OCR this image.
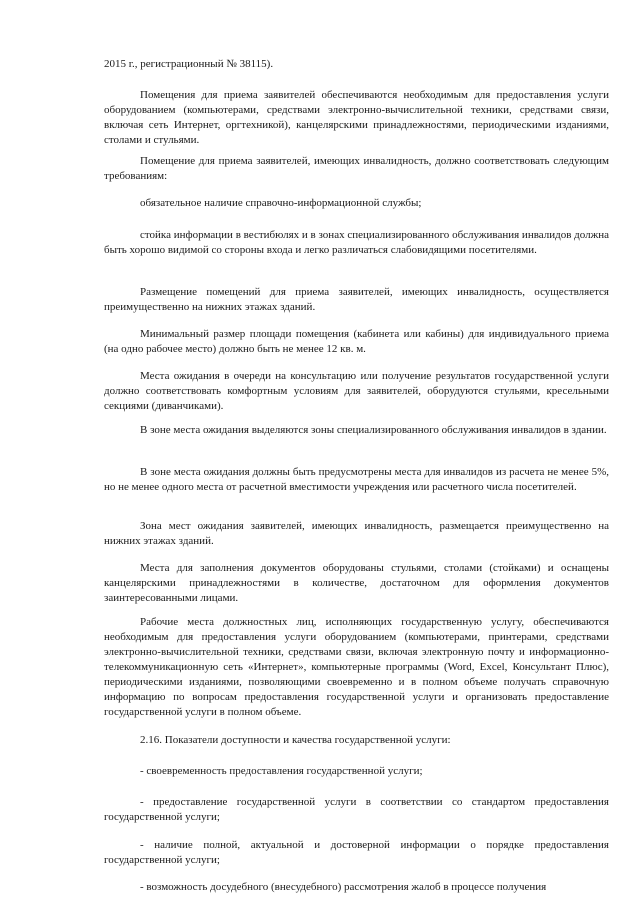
2015 г., регистрационный № 38115).

Помещения для приема заявителей обеспечиваются необходимым для предоставления услуги оборудованием (компьютерами, средствами электронно-вычислительной техники, средствами связи, включая сеть Интернет, оргтехникой), канцелярскими принадлежностями, периодическими изданиями, столами и стульями.

Помещение для приема заявителей, имеющих инвалидность, должно соответствовать следующим требованиям:

обязательное наличие справочно-информационной службы;

стойка информации в вестибюлях и в зонах специализированного обслуживания инвалидов должна быть хорошо видимой со стороны входа и легко различаться слабовидящими посетителями.

Размещение помещений для приема заявителей, имеющих инвалидность, осуществляется преимущественно на нижних этажах зданий.

Минимальный размер площади помещения (кабинета или кабины) для индивидуального приема (на одно рабочее место) должно быть не менее 12 кв. м.

Места ожидания в очереди на консультацию или получение результатов государственной услуги должно соответствовать комфортным условиям для заявителей, оборудуются стульями, кресельными секциями (диванчиками).

В зоне места ожидания выделяются зоны специализированного обслуживания инвалидов в здании.

В зоне места ожидания должны быть предусмотрены места для инвалидов из расчета не менее 5%, но не менее одного места от расчетной вместимости учреждения или расчетного числа посетителей.

Зона мест ожидания заявителей, имеющих инвалидность, размещается преимущественно на нижних этажах зданий.

Места для заполнения документов оборудованы стульями, столами (стойками) и оснащены канцелярскими принадлежностями в количестве, достаточном для оформления документов заинтересованными лицами.

Рабочие места должностных лиц, исполняющих государственную услугу, обеспечиваются необходимым для предоставления услуги оборудованием (компьютерами, принтерами, средствами электронно-вычислительной техники, средствами связи, включая электронную почту и информационно-телекоммуникационную сеть «Интернет», компьютерные программы (Word, Excel, Консультант Плюс), периодическими изданиями, позволяющими своевременно и в полном объеме получать справочную информацию по вопросам предоставления государственной услуги и организовать предоставление государственной услуги в полном объеме.

2.16. Показатели доступности и качества государственной услуги:

- своевременность предоставления государственной услуги;

- предоставление государственной услуги в соответствии со стандартом предоставления государственной услуги;

- наличие полной, актуальной и достоверной информации о порядке предоставления государственной услуги;

- возможность досудебного (внесудебного) рассмотрения жалоб в процессе получения
